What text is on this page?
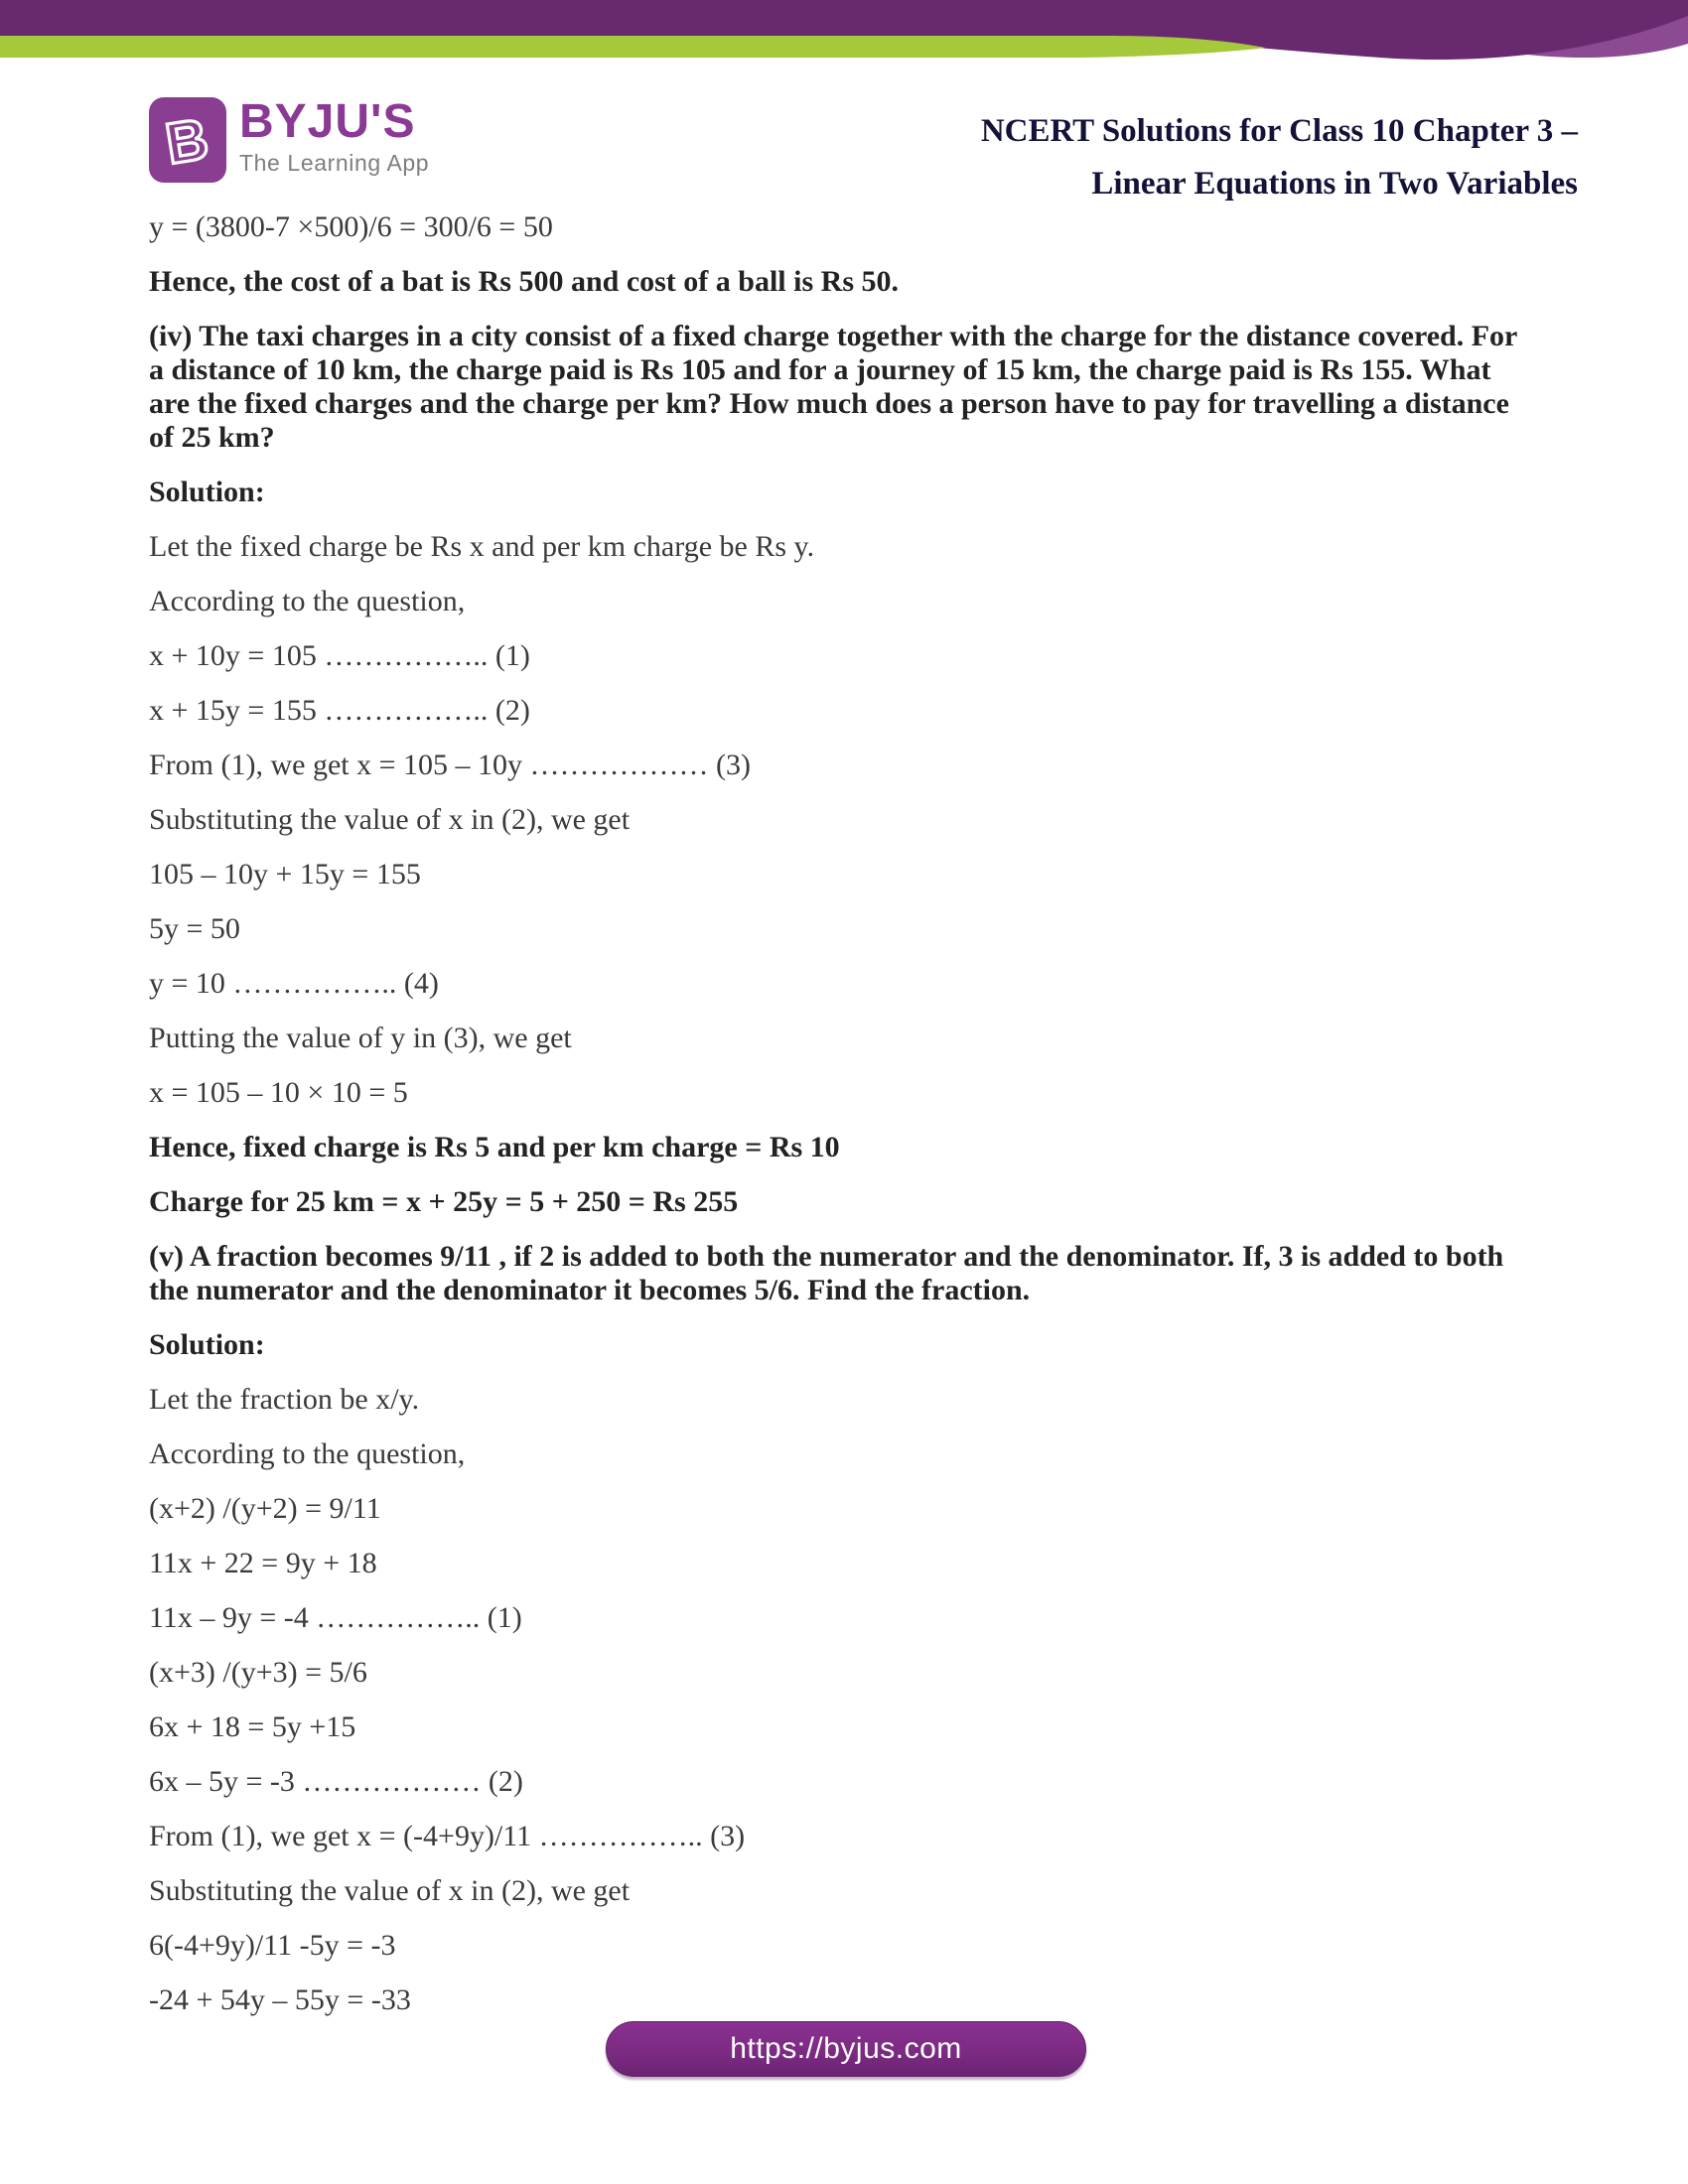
B BYJU'S
The Learning App
NCERT Solutions for Class 10 Chapter 3 –
Linear Equations in Two Variables

y = (3800-7 ×500)/6 = 300/6 = 50

Hence, the cost of a bat is Rs 500 and cost of a ball is Rs 50.

(iv) The taxi charges in a city consist of a fixed charge together with the charge for the distance covered. For a distance of 10 km, the charge paid is Rs 105 and for a journey of 15 km, the charge paid is Rs 155. What are the fixed charges and the charge per km? How much does a person have to pay for travelling a distance of 25 km?

Solution:

Let the fixed charge be Rs x and per km charge be Rs y.

According to the question,

x + 10y = 105 …………….. (1)

x + 15y = 155 …………….. (2)

From (1), we get x = 105 – 10y ……………… (3)

Substituting the value of x in (2), we get

105 – 10y + 15y = 155

5y = 50

y = 10 …………….. (4)

Putting the value of y in (3), we get

x = 105 – 10 × 10 = 5

Hence, fixed charge is Rs 5 and per km charge = Rs 10

Charge for 25 km = x + 25y = 5 + 250 = Rs 255

(v) A fraction becomes 9/11 , if 2 is added to both the numerator and the denominator. If, 3 is added to both the numerator and the denominator it becomes 5/6. Find the fraction.

Solution:

Let the fraction be x/y.

According to the question,

(x+2) /(y+2) = 9/11

11x + 22 = 9y + 18

11x – 9y = -4 …………….. (1)

(x+3) /(y+3) = 5/6

6x + 18 = 5y +15

6x – 5y = -3 ……………… (2)

From (1), we get x = (-4+9y)/11 …………….. (3)

Substituting the value of x in (2), we get

6(-4+9y)/11 -5y = -3

-24 + 54y – 55y = -33

https://byjus.com
